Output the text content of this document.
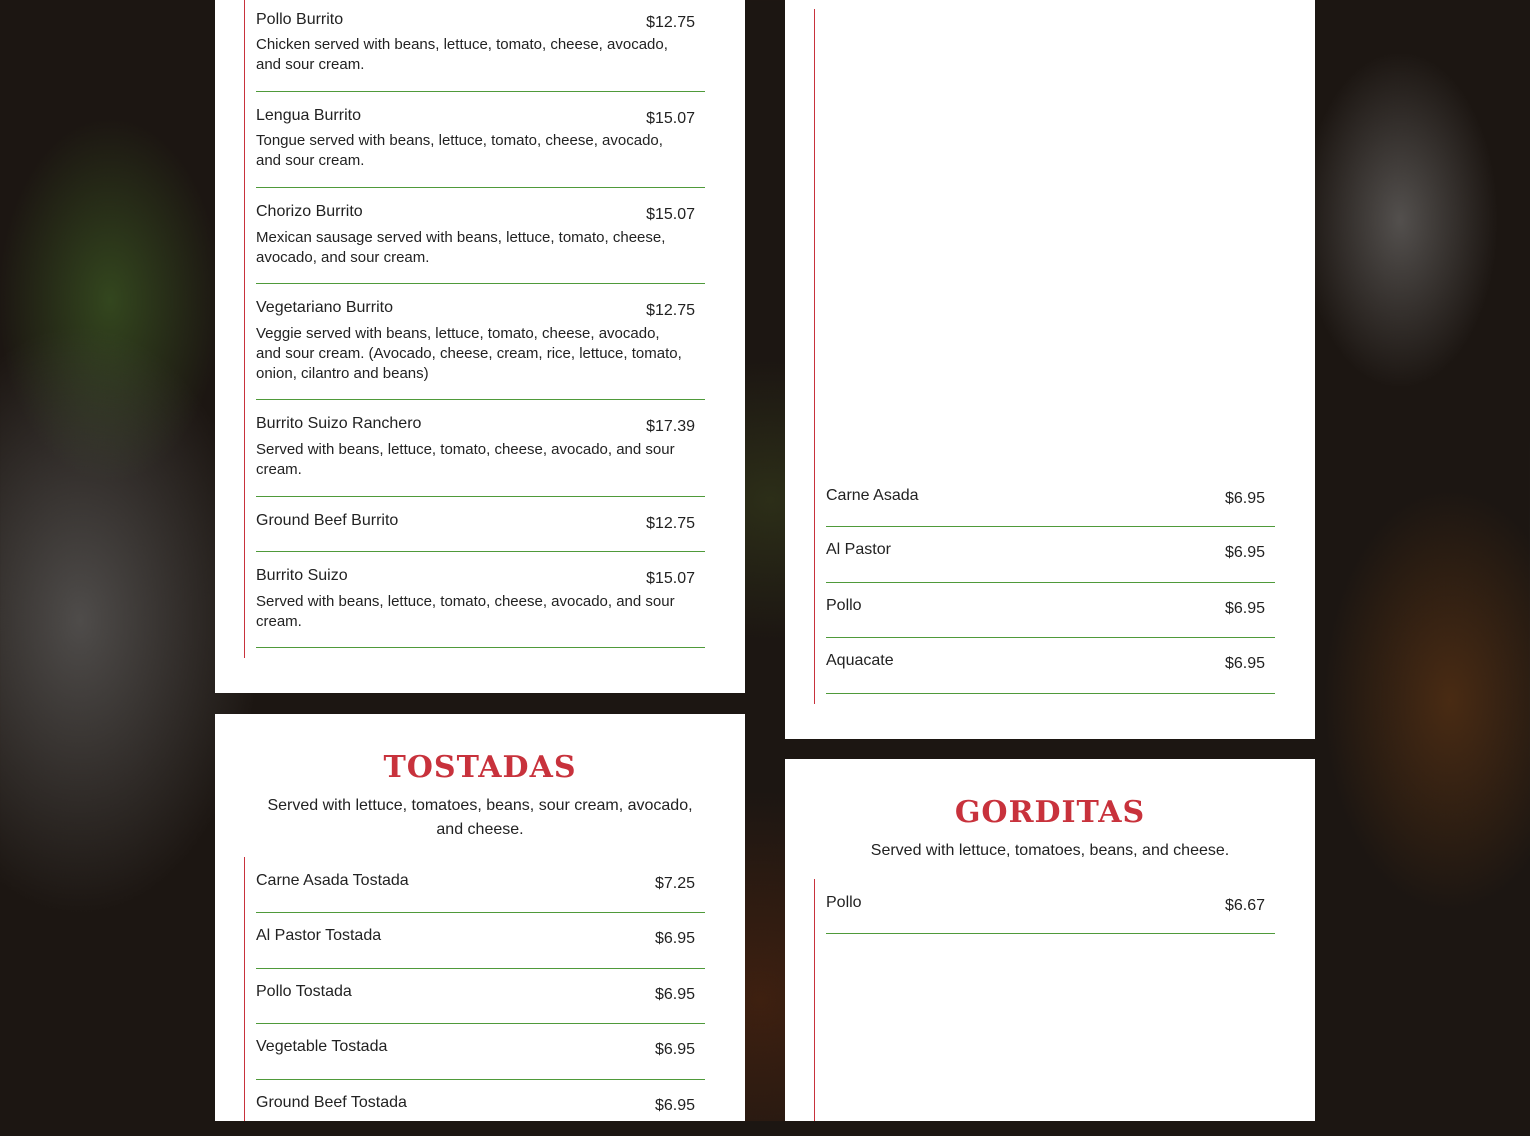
Pollo Burrito	$12.75
Chicken served with beans, lettuce, tomato, cheese, avocado, and sour cream.
Lengua Burrito	$15.07
Tongue served with beans, lettuce, tomato, cheese, avocado, and sour cream.
Chorizo Burrito	$15.07
Mexican sausage served with beans, lettuce, tomato, cheese, avocado, and sour cream.
Vegetariano Burrito	$12.75
Veggie served with beans, lettuce, tomato, cheese, avocado, and sour cream. (Avocado, cheese, cream, rice, lettuce, tomato, onion, cilantro and beans)
Burrito Suizo Ranchero	$17.39
Served with beans, lettuce, tomato, cheese, avocado, and sour cream.
Ground Beef Burrito	$12.75
Burrito Suizo	$15.07
Served with beans, lettuce, tomato, cheese, avocado, and sour cream.
TOSTADAS
Served with lettuce, tomatoes, beans, sour cream, avocado, and cheese.
Carne Asada Tostada	$7.25
Al Pastor Tostada	$6.95
Pollo Tostada	$6.95
Vegetable Tostada	$6.95
Ground Beef Tostada	$6.95
Carne Asada	$6.95
Al Pastor	$6.95
Pollo	$6.95
Aquacate	$6.95
GORDITAS
Served with lettuce, tomatoes, beans, and cheese.
Pollo	$6.67
